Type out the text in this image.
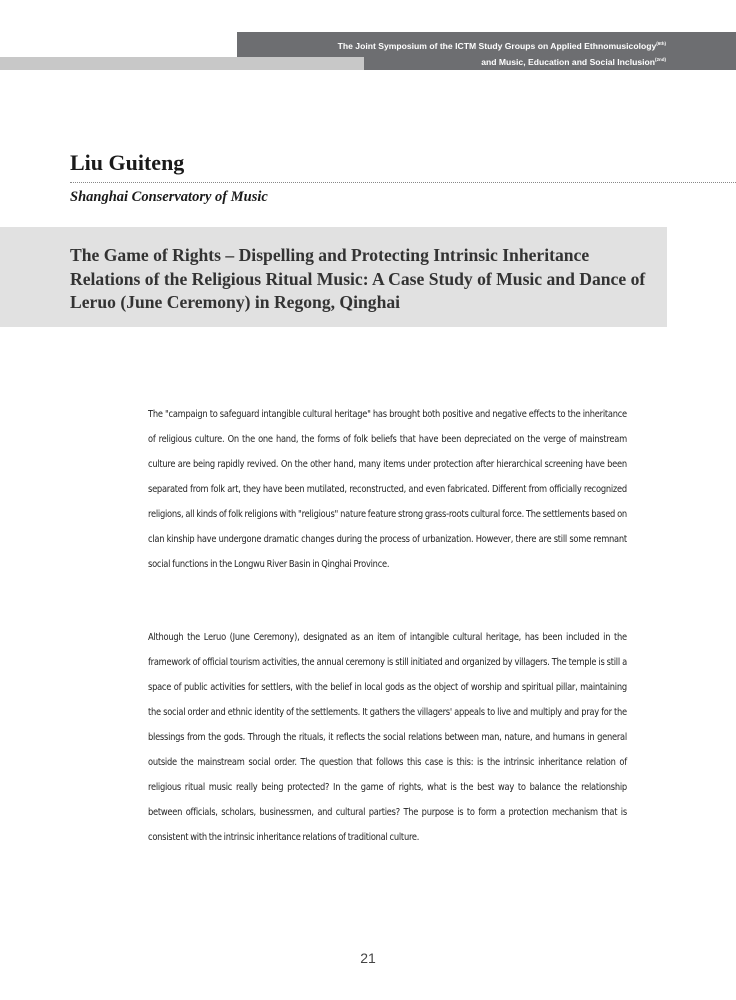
The Joint Symposium of the ICTM Study Groups on Applied Ethnomusicology$^{(6th)}$
and Music, Education and Social Inclusion$^{(2nd)}$
Liu Guiteng

Shanghai Conservatory of Music

The Game of Rights – Dispelling and Protecting Intrinsic Inheritance Relations of the Religious Ritual Music: A Case Study of Music and Dance of Leruo (June Ceremony) in Regong, Qinghai

The "campaign to safeguard intangible cultural heritage" has brought both positive and negative effects to the inheritance of religious culture. On the one hand, the forms of folk beliefs that have been depreciated on the verge of mainstream culture are being rapidly revived. On the other hand, many items under protection after hierarchical screening have been separated from folk art, they have been mutilated, reconstructed, and even fabricated. Different from officially recognized religions, all kinds of folk religions with "religious" nature feature strong grass-roots cultural force. The settlements based on clan kinship have undergone dramatic changes during the process of urbanization. However, there are still some remnant social functions in the Longwu River Basin in Qinghai Province.

Although the Leruo (June Ceremony), designated as an item of intangible cultural heritage, has been included in the framework of official tourism activities, the annual ceremony is still initiated and organized by villagers. The temple is still a space of public activities for settlers, with the belief in local gods as the object of worship and spiritual pillar, maintaining the social order and ethnic identity of the settlements. It gathers the villagers' appeals to live and multiply and pray for the blessings from the gods. Through the rituals, it reflects the social relations between man, nature, and humans in general outside the mainstream social order. The question that follows this case is this: is the intrinsic inheritance relation of religious ritual music really being protected? In the game of rights, what is the best way to balance the relationship between officials, scholars, businessmen, and cultural parties? The purpose is to form a protection mechanism that is consistent with the intrinsic inheritance relations of traditional culture.

21
